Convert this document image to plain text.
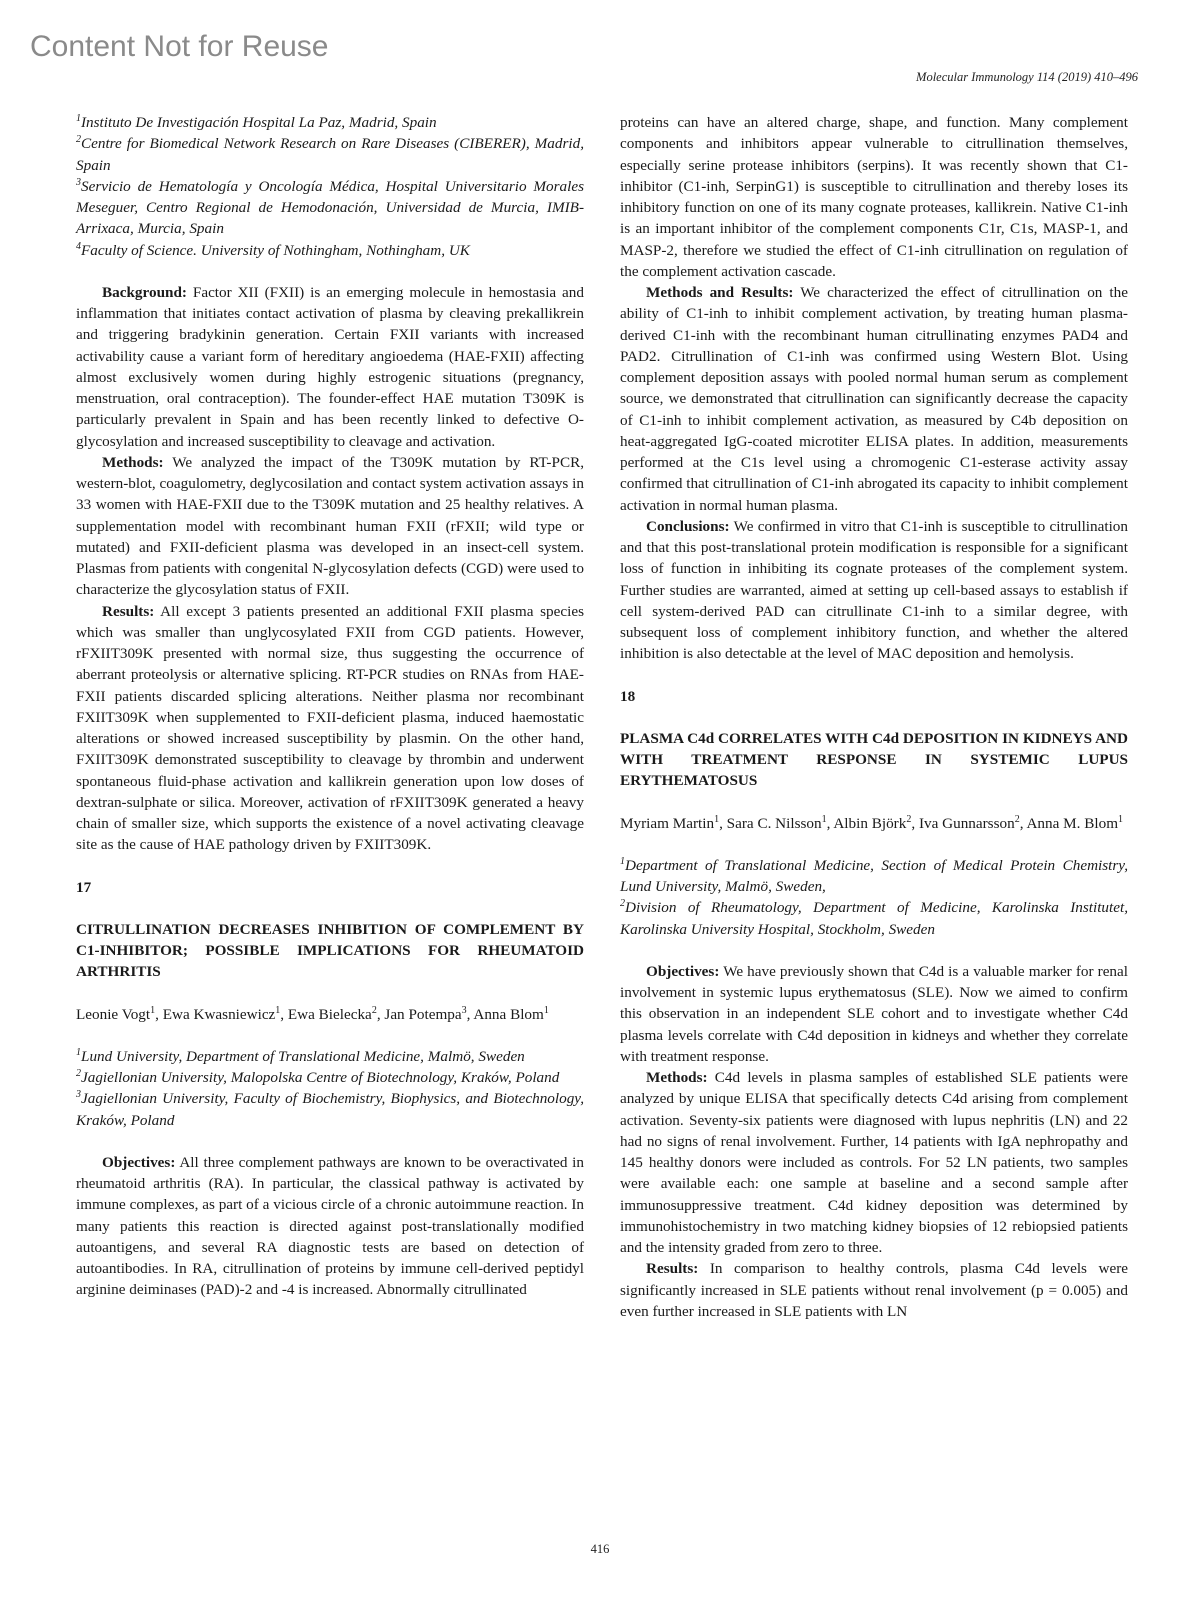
Content Not for Reuse

Molecular Immunology 114 (2019) 410–496

$^1$Instituto De Investigación Hospital La Paz, Madrid, Spain

$^2$Centre for Biomedical Network Research on Rare Diseases (CIBERER), Madrid, Spain

$^3$Servicio de Hematología y Oncología Médica, Hospital Universitario Morales Meseguer, Centro Regional de Hemodonación, Universidad de Murcia, IMIB-Arrixaca, Murcia, Spain

$^4$Faculty of Science. University of Nothingham, Nothingham, UK

Background: Factor XII (FXII) is an emerging molecule in hemostasia and inflammation that initiates contact activation of plasma by cleaving prekallikrein and triggering bradykinin generation. Certain FXII variants with increased activability cause a variant form of hereditary angioedema (HAE-FXII) affecting almost exclusively women during highly estrogenic situations (pregnancy, menstruation, oral contraception). The founder-effect HAE mutation T309K is particularly prevalent in Spain and has been recently linked to defective O-glycosylation and increased susceptibility to cleavage and activation.

Methods: We analyzed the impact of the T309K mutation by RT-PCR, western-blot, coagulometry, deglycosilation and contact system activation assays in 33 women with HAE-FXII due to the T309K mutation and 25 healthy relatives. A supplementation model with recombinant human FXII (rFXII; wild type or mutated) and FXII-deficient plasma was developed in an insect-cell system. Plasmas from patients with congenital N-glycosylation defects (CGD) were used to characterize the glycosylation status of FXII.

Results: All except 3 patients presented an additional FXII plasma species which was smaller than unglycosylated FXII from CGD patients. However, rFXIIT309K presented with normal size, thus suggesting the occurrence of aberrant proteolysis or alternative splicing. RT-PCR studies on RNAs from HAE-FXII patients discarded splicing alterations. Neither plasma nor recombinant FXIIT309K when supplemented to FXII-deficient plasma, induced haemostatic alterations or showed increased susceptibility by plasmin. On the other hand, FXIIT309K demonstrated susceptibility to cleavage by thrombin and underwent spontaneous fluid-phase activation and kallikrein generation upon low doses of dextran-sulphate or silica. Moreover, activation of rFXIIT309K generated a heavy chain of smaller size, which supports the existence of a novel activating cleavage site as the cause of HAE pathology driven by FXIIT309K.

17

CITRULLINATION DECREASES INHIBITION OF COMPLEMENT BY C1-INHIBITOR; POSSIBLE IMPLICATIONS FOR RHEUMATOID ARTHRITIS

Leonie Vogt$^1$, Ewa Kwasniewicz$^1$, Ewa Bielecka$^2$, Jan Potempa$^3$, Anna Blom$^1$

$^1$Lund University, Department of Translational Medicine, Malmö, Sweden

$^2$Jagiellonian University, Malopolska Centre of Biotechnology, Kraków, Poland

$^3$Jagiellonian University, Faculty of Biochemistry, Biophysics, and Biotechnology, Kraków, Poland

Objectives: All three complement pathways are known to be overactivated in rheumatoid arthritis (RA). In particular, the classical pathway is activated by immune complexes, as part of a vicious circle of a chronic autoimmune reaction. In many patients this reaction is directed against post-translationally modified autoantigens, and several RA diagnostic tests are based on detection of autoantibodies. In RA, citrullination of proteins by immune cell-derived peptidyl arginine deiminases (PAD)-2 and -4 is increased. Abnormally citrullinated

proteins can have an altered charge, shape, and function. Many complement components and inhibitors appear vulnerable to citrullination themselves, especially serine protease inhibitors (serpins). It was recently shown that C1-inhibitor (C1-inh, SerpinG1) is susceptible to citrullination and thereby loses its inhibitory function on one of its many cognate proteases, kallikrein. Native C1-inh is an important inhibitor of the complement components C1r, C1s, MASP-1, and MASP-2, therefore we studied the effect of C1-inh citrullination on regulation of the complement activation cascade.

Methods and Results: We characterized the effect of citrullination on the ability of C1-inh to inhibit complement activation, by treating human plasma-derived C1-inh with the recombinant human citrullinating enzymes PAD4 and PAD2. Citrullination of C1-inh was confirmed using Western Blot. Using complement deposition assays with pooled normal human serum as complement source, we demonstrated that citrullination can significantly decrease the capacity of C1-inh to inhibit complement activation, as measured by C4b deposition on heat-aggregated IgG-coated microtiter ELISA plates. In addition, measurements performed at the C1s level using a chromogenic C1-esterase activity assay confirmed that citrullination of C1-inh abrogated its capacity to inhibit complement activation in normal human plasma.

Conclusions: We confirmed in vitro that C1-inh is susceptible to citrullination and that this post-translational protein modification is responsible for a significant loss of function in inhibiting its cognate proteases of the complement system. Further studies are warranted, aimed at setting up cell-based assays to establish if cell system-derived PAD can citrullinate C1-inh to a similar degree, with subsequent loss of complement inhibitory function, and whether the altered inhibition is also detectable at the level of MAC deposition and hemolysis.

18

PLASMA C4d CORRELATES WITH C4d DEPOSITION IN KIDNEYS AND WITH TREATMENT RESPONSE IN SYSTEMIC LUPUS ERYTHEMATOSUS

Myriam Martin$^1$, Sara C. Nilsson$^1$, Albin Björk$^2$, Iva Gunnarsson$^2$, Anna M. Blom$^1$

$^1$Department of Translational Medicine, Section of Medical Protein Chemistry, Lund University, Malmö, Sweden,

$^2$Division of Rheumatology, Department of Medicine, Karolinska Institutet, Karolinska University Hospital, Stockholm, Sweden

Objectives: We have previously shown that C4d is a valuable marker for renal involvement in systemic lupus erythematosus (SLE). Now we aimed to confirm this observation in an independent SLE cohort and to investigate whether C4d plasma levels correlate with C4d deposition in kidneys and whether they correlate with treatment response.

Methods: C4d levels in plasma samples of established SLE patients were analyzed by unique ELISA that specifically detects C4d arising from complement activation. Seventy-six patients were diagnosed with lupus nephritis (LN) and 22 had no signs of renal involvement. Further, 14 patients with IgA nephropathy and 145 healthy donors were included as controls. For 52 LN patients, two samples were available each: one sample at baseline and a second sample after immunosuppressive treatment. C4d kidney deposition was determined by immunohistochemistry in two matching kidney biopsies of 12 rebiopsied patients and the intensity graded from zero to three.

Results: In comparison to healthy controls, plasma C4d levels were significantly increased in SLE patients without renal involvement (p = 0.005) and even further increased in SLE patients with LN

416
